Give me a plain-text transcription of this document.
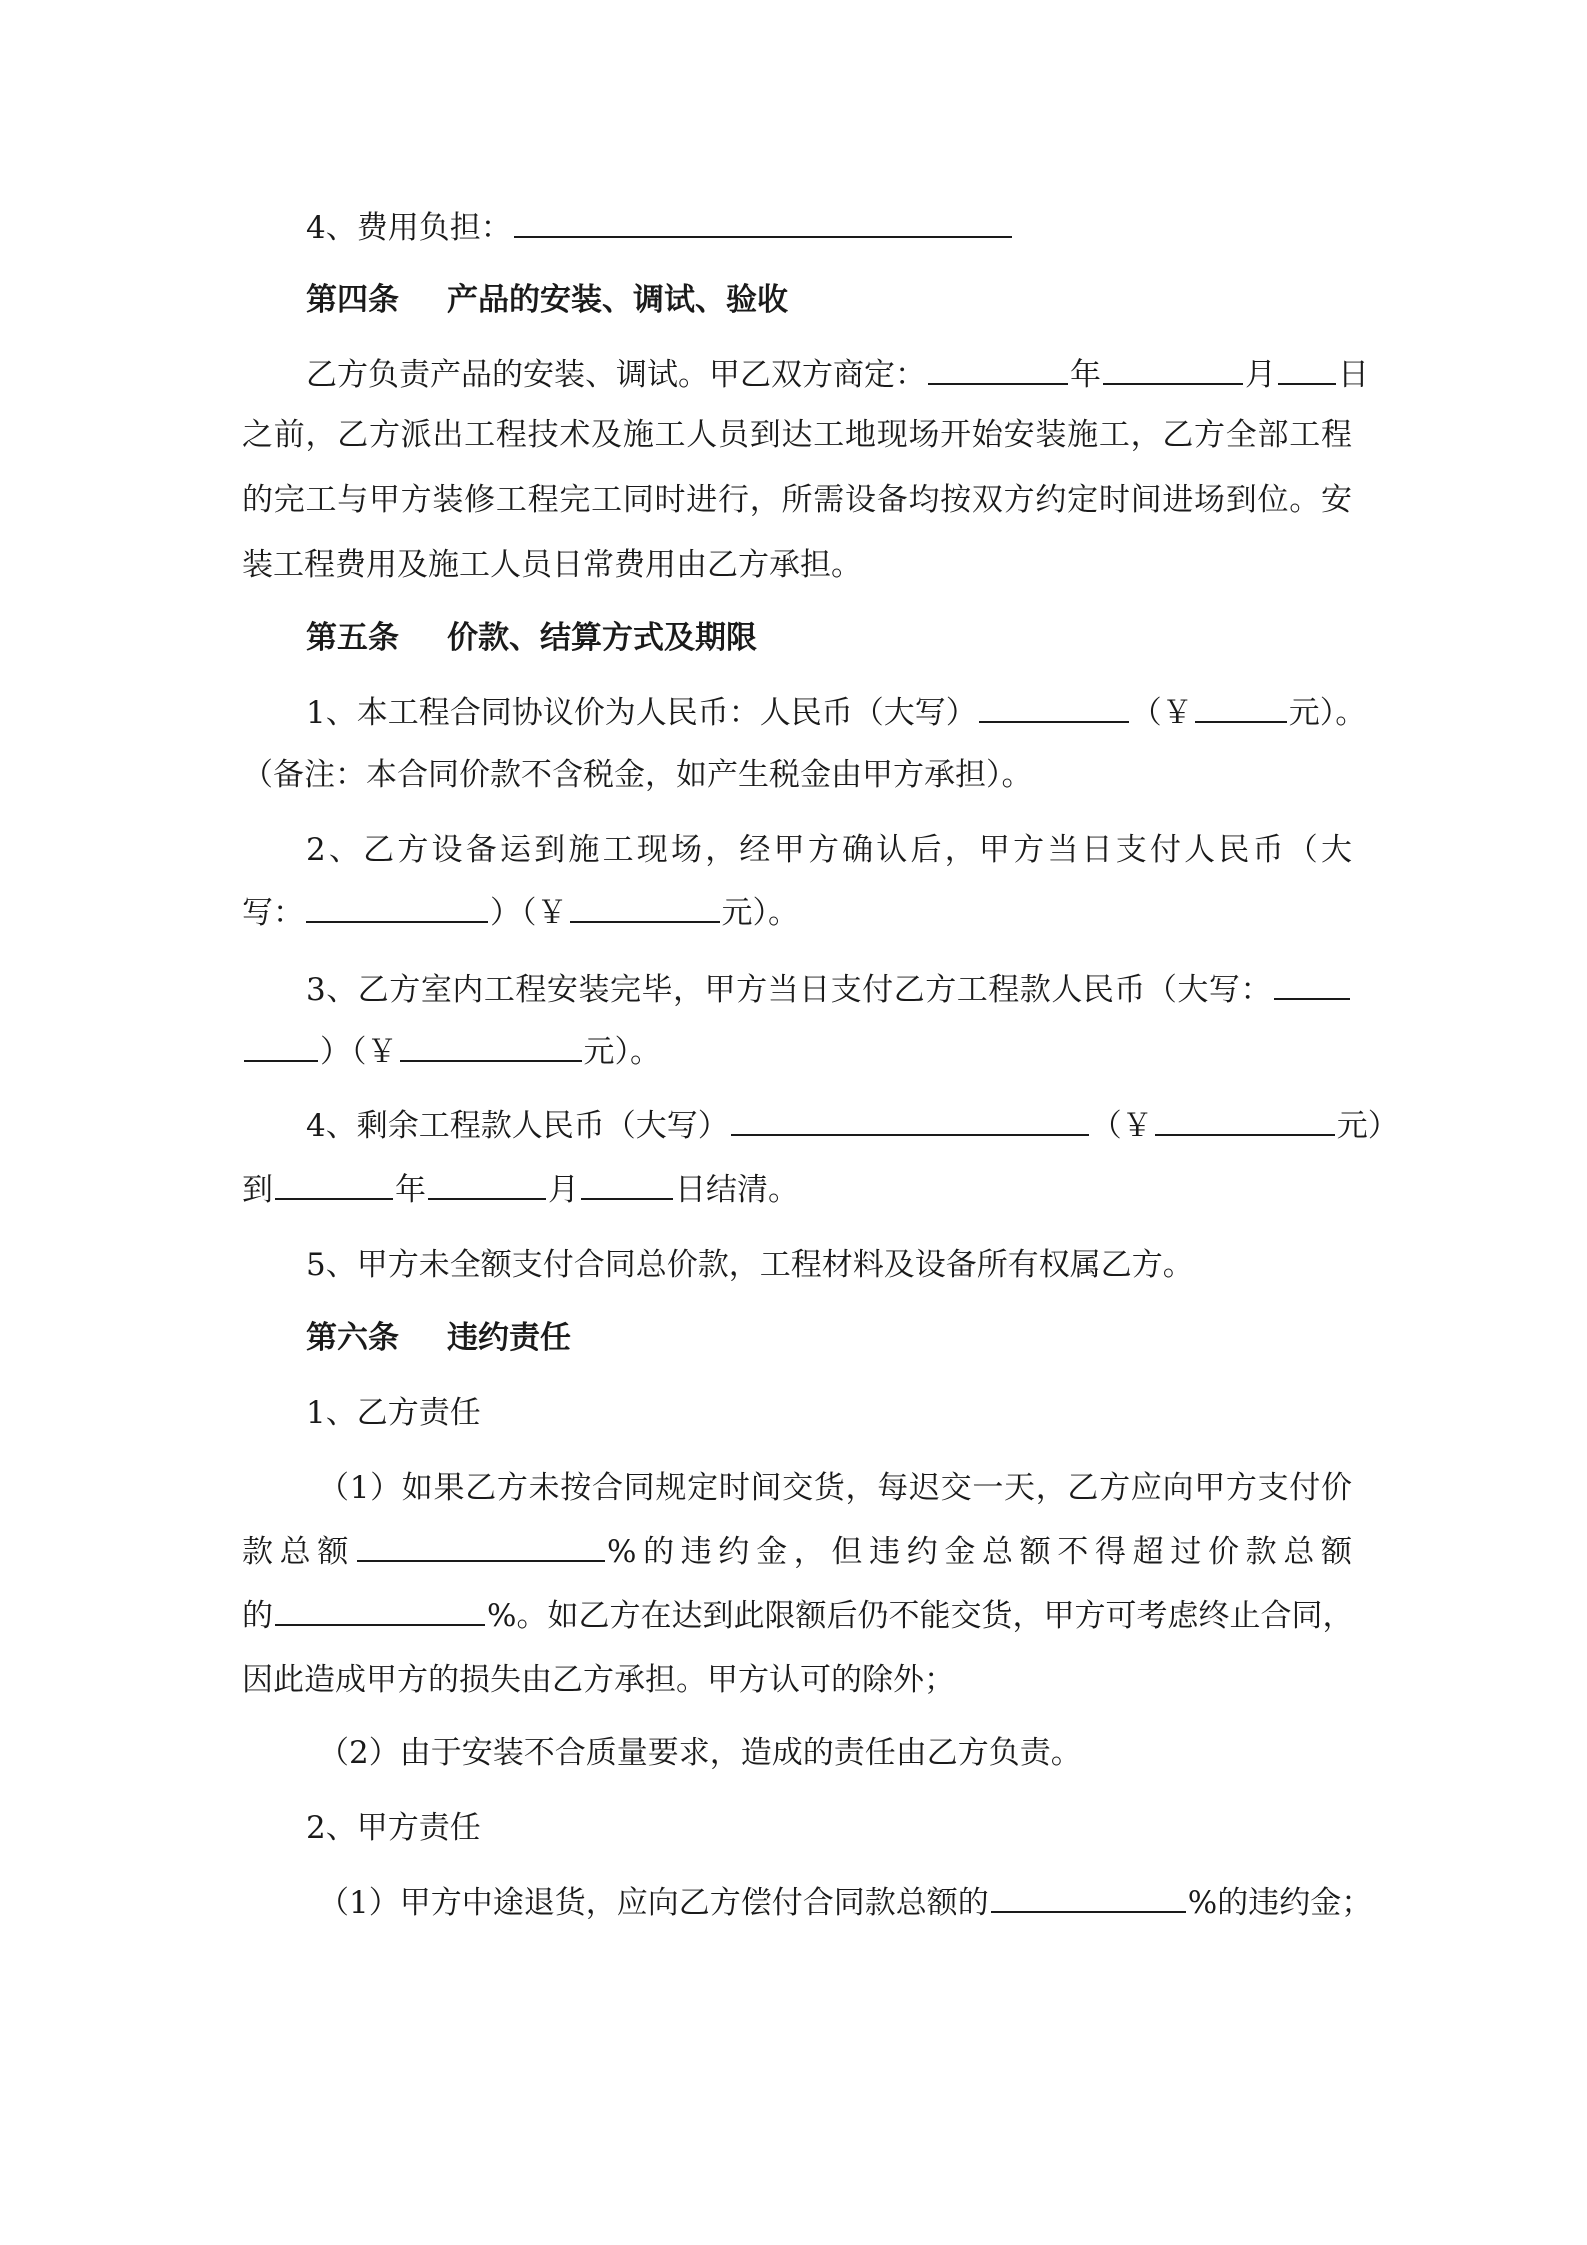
4、费用负担：
第四条 产品的安装、调试、验收
乙方负责产品的安装、调试。甲乙双方商定：	年	月 日
之前，乙方派出工程技术及施工人员到达工地现场开始安装施工，乙方全部工程
的完工与甲方装修工程完工同时进行，所需设备均按双方约定时间进场到位。安
装工程费用及施工人员日常费用由乙方承担。
第五条 价款、结算方式及期限
1、本工程合同协议价为人民币：人民币（大写）	（￥	元）。
（备注：本合同价款不含税金，如产生税金由甲方承担）。
2、乙方设备运到施工现场，经甲方确认后，甲方当日支付人民币（大
写：	）（￥	元）。
3、乙方室内工程安装完毕，甲方当日支付乙方工程款人民币（大写：
）（￥	元）。
4、剩余工程款人民币（大写）	（￥	元）
到	年	月	日结清。
5、甲方未全额支付合同总价款，工程材料及设备所有权属乙方。
第六条 违约责任
1、乙方责任
（1）如果乙方未按合同规定时间交货，每迟交一天，乙方应向甲方支付价
款总额	%的违约金，但违约金总额不得超过价款总额
的	%。如乙方在达到此限额后仍不能交货，甲方可考虑终止合同，
因此造成甲方的损失由乙方承担。甲方认可的除外；
（2）由于安装不合质量要求，造成的责任由乙方负责。
2、甲方责任
（1）甲方中途退货，应向乙方偿付合同款总额的	%的违约金；
